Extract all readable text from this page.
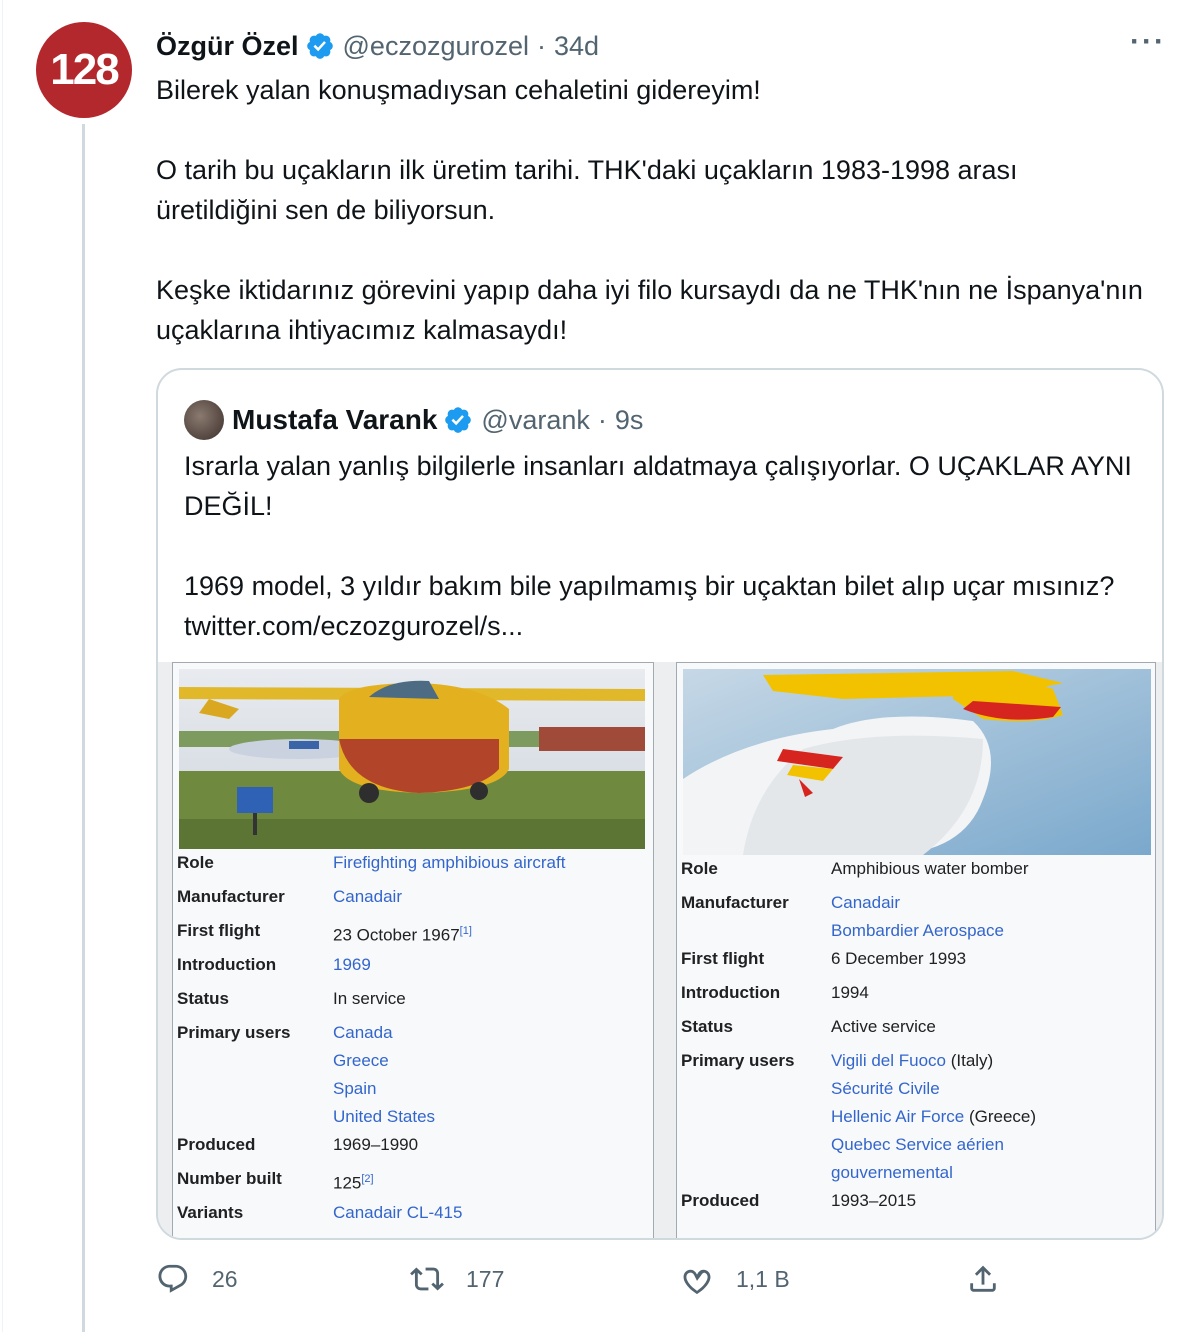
128 Özgür Özel @eczozgurozel · 34d	···

Bilerek yalan konuşmadıysan cehaletini gidereyim!

O tarih bu uçakların ilk üretim tarihi. THK'daki uçakların 1983-1998 arası üretildiğini sen de biliyorsun.

Keşke iktidarınız görevini yapıp daha iyi filo kursaydı da ne THK'nın ne İspanya'nın uçaklarına ihtiyacımız kalmasaydı!

Mustafa Varank @varank · 9s

Israrla yalan yanlış bilgilerle insanları aldatmaya çalışıyorlar. O UÇAKLAR AYNI DEĞİL!

1969 model, 3 yıldır bakım bile yapılmamış bir uçaktan bilet alıp uçar mısınız? twitter.com/eczozgurozel/s...

Role	Firefighting amphibious aircraft
Manufacturer	Canadair
First flight	23 October 1967[1]
Introduction	1969
Status	In service
Primary users	Canada
Greece
Spain
United States
Produced	1969–1990
Number built	125[2]
Variants	Canadair CL-415
Role	Amphibious water bomber
Manufacturer	Canadair
Bombardier Aerospace
First flight	6 December 1993
Introduction	1994
Status	Active service
Primary users	Vigili del Fuoco (Italy)
Sécurité Civile
Hellenic Air Force (Greece)
Quebec Service aérien
gouvernemental
Produced	1993–2015
26	177	1,1 B
